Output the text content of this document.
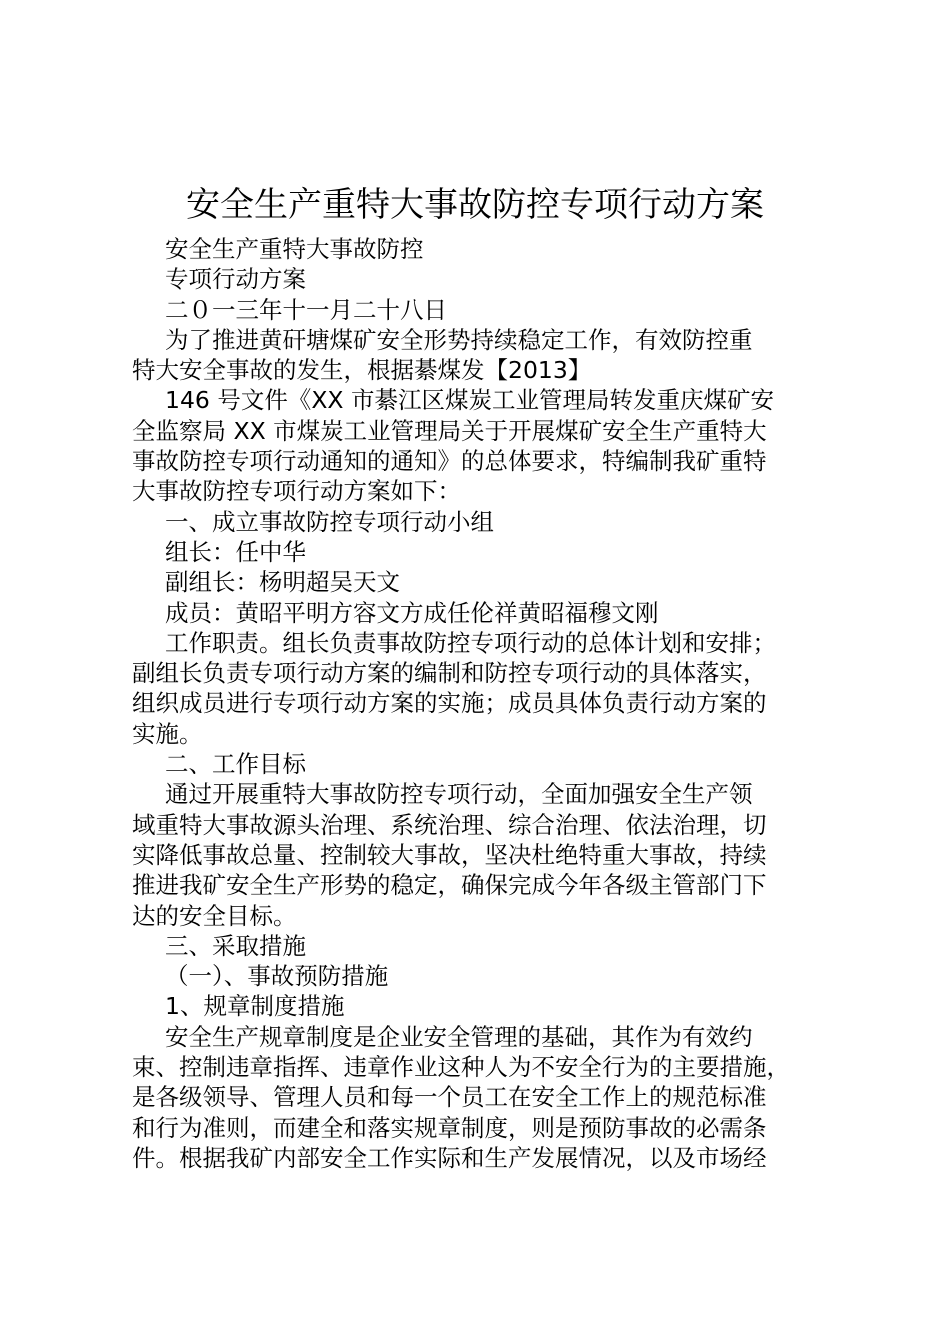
安全生产重特大事故防控专项行动方案
安全生产重特大事故防控
专项行动方案
二０一三年十一月二十八日
为了推进黄矸塘煤矿安全形势持续稳定工作，有效防控重
特大安全事故的发生，根据綦煤发【2013】
146 号文件《XX 市綦江区煤炭工业管理局转发重庆煤矿安
全监察局 XX 市煤炭工业管理局关于开展煤矿安全生产重特大
事故防控专项行动通知的通知》的总体要求，特编制我矿重特
大事故防控专项行动方案如下：
一、成立事故防控专项行动小组
组长：任中华
副组长：杨明超吴天文
成员：黄昭平明方容文方成任伦祥黄昭福穆文刚
工作职责。组长负责事故防控专项行动的总体计划和安排；
副组长负责专项行动方案的编制和防控专项行动的具体落实，
组织成员进行专项行动方案的实施；成员具体负责行动方案的
实施。
二、工作目标
通过开展重特大事故防控专项行动，全面加强安全生产领
域重特大事故源头治理、系统治理、综合治理、依法治理，切
实降低事故总量、控制较大事故，坚决杜绝特重大事故，持续
推进我矿安全生产形势的稳定，确保完成今年各级主管部门下
达的安全目标。
三、采取措施
（一）、事故预防措施
1、规章制度措施
安全生产规章制度是企业安全管理的基础，其作为有效约
束、控制违章指挥、违章作业这种人为不安全行为的主要措施，
是各级领导、管理人员和每一个员工在安全工作上的规范标准
和行为准则，而建全和落实规章制度，则是预防事故的必需条
件。根据我矿内部安全工作实际和生产发展情况，以及市场经
